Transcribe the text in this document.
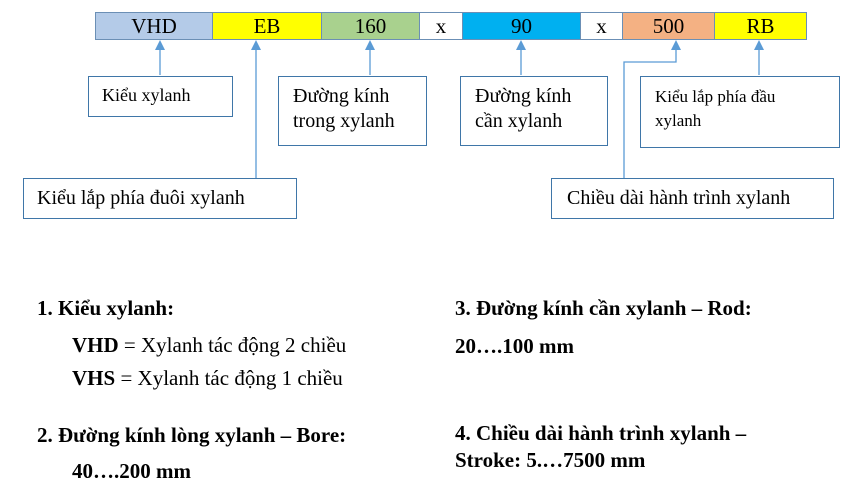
VHD	EB	160	x	90	x	500	RB
Kiểu xylanh	Đường kính
trong xylanh
Đường kính
cần xylanh
Kiểu lắp phía đầu
xylanh
Kiểu lắp phía đuôi xylanh	Chiều dài hành trình xylanh
1. Kiểu xylanh:
VHD = Xylanh tác động 2 chiều
VHS = Xylanh tác động 1 chiều
2. Đường kính lòng xylanh – Bore:
40….200 mm
3. Đường kính cần xylanh – Rod:
20….100 mm
4. Chiều dài hành trình xylanh –
Stroke: 5.…7500 mm
